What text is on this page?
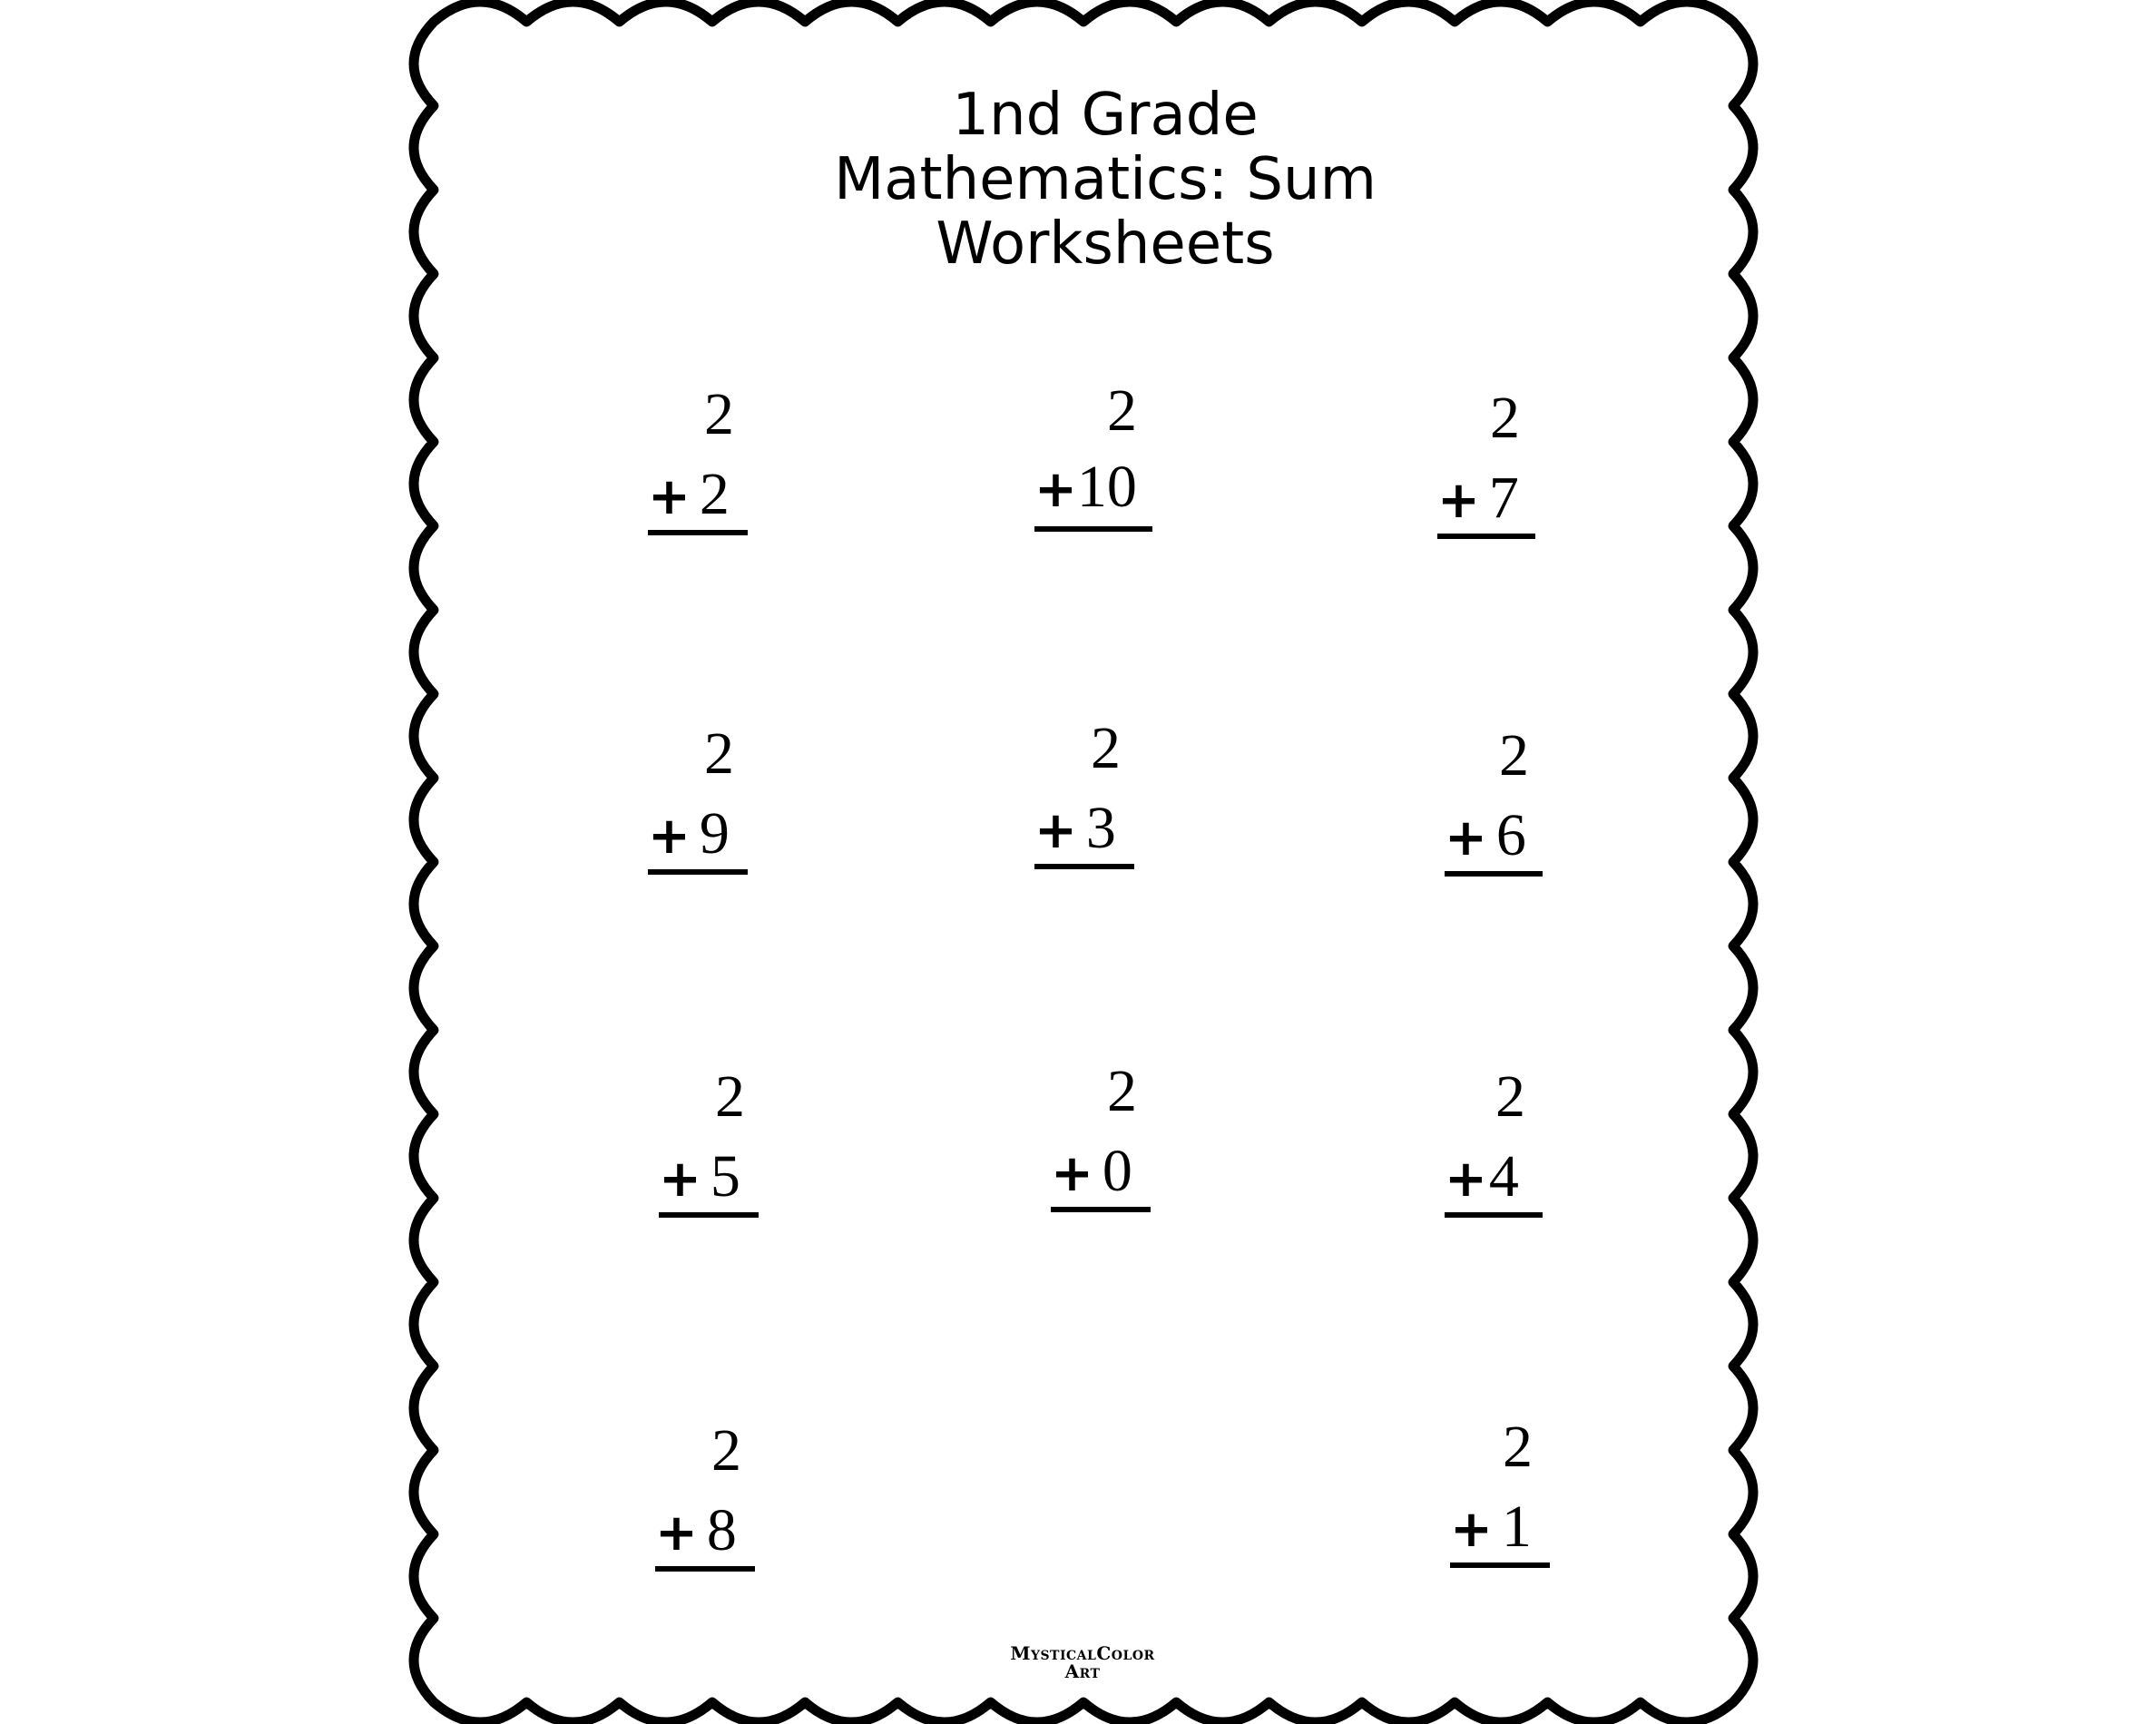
1nd Grade
Mathematics: Sum
Worksheets
2
+ 2
2
+10
2
+ 7
2
+ 9
2
+ 3
2
+ 6
2
+ 5
2
+ 0
2
+4
2
+ 8
2
+ 1
MysticalColor
Art
